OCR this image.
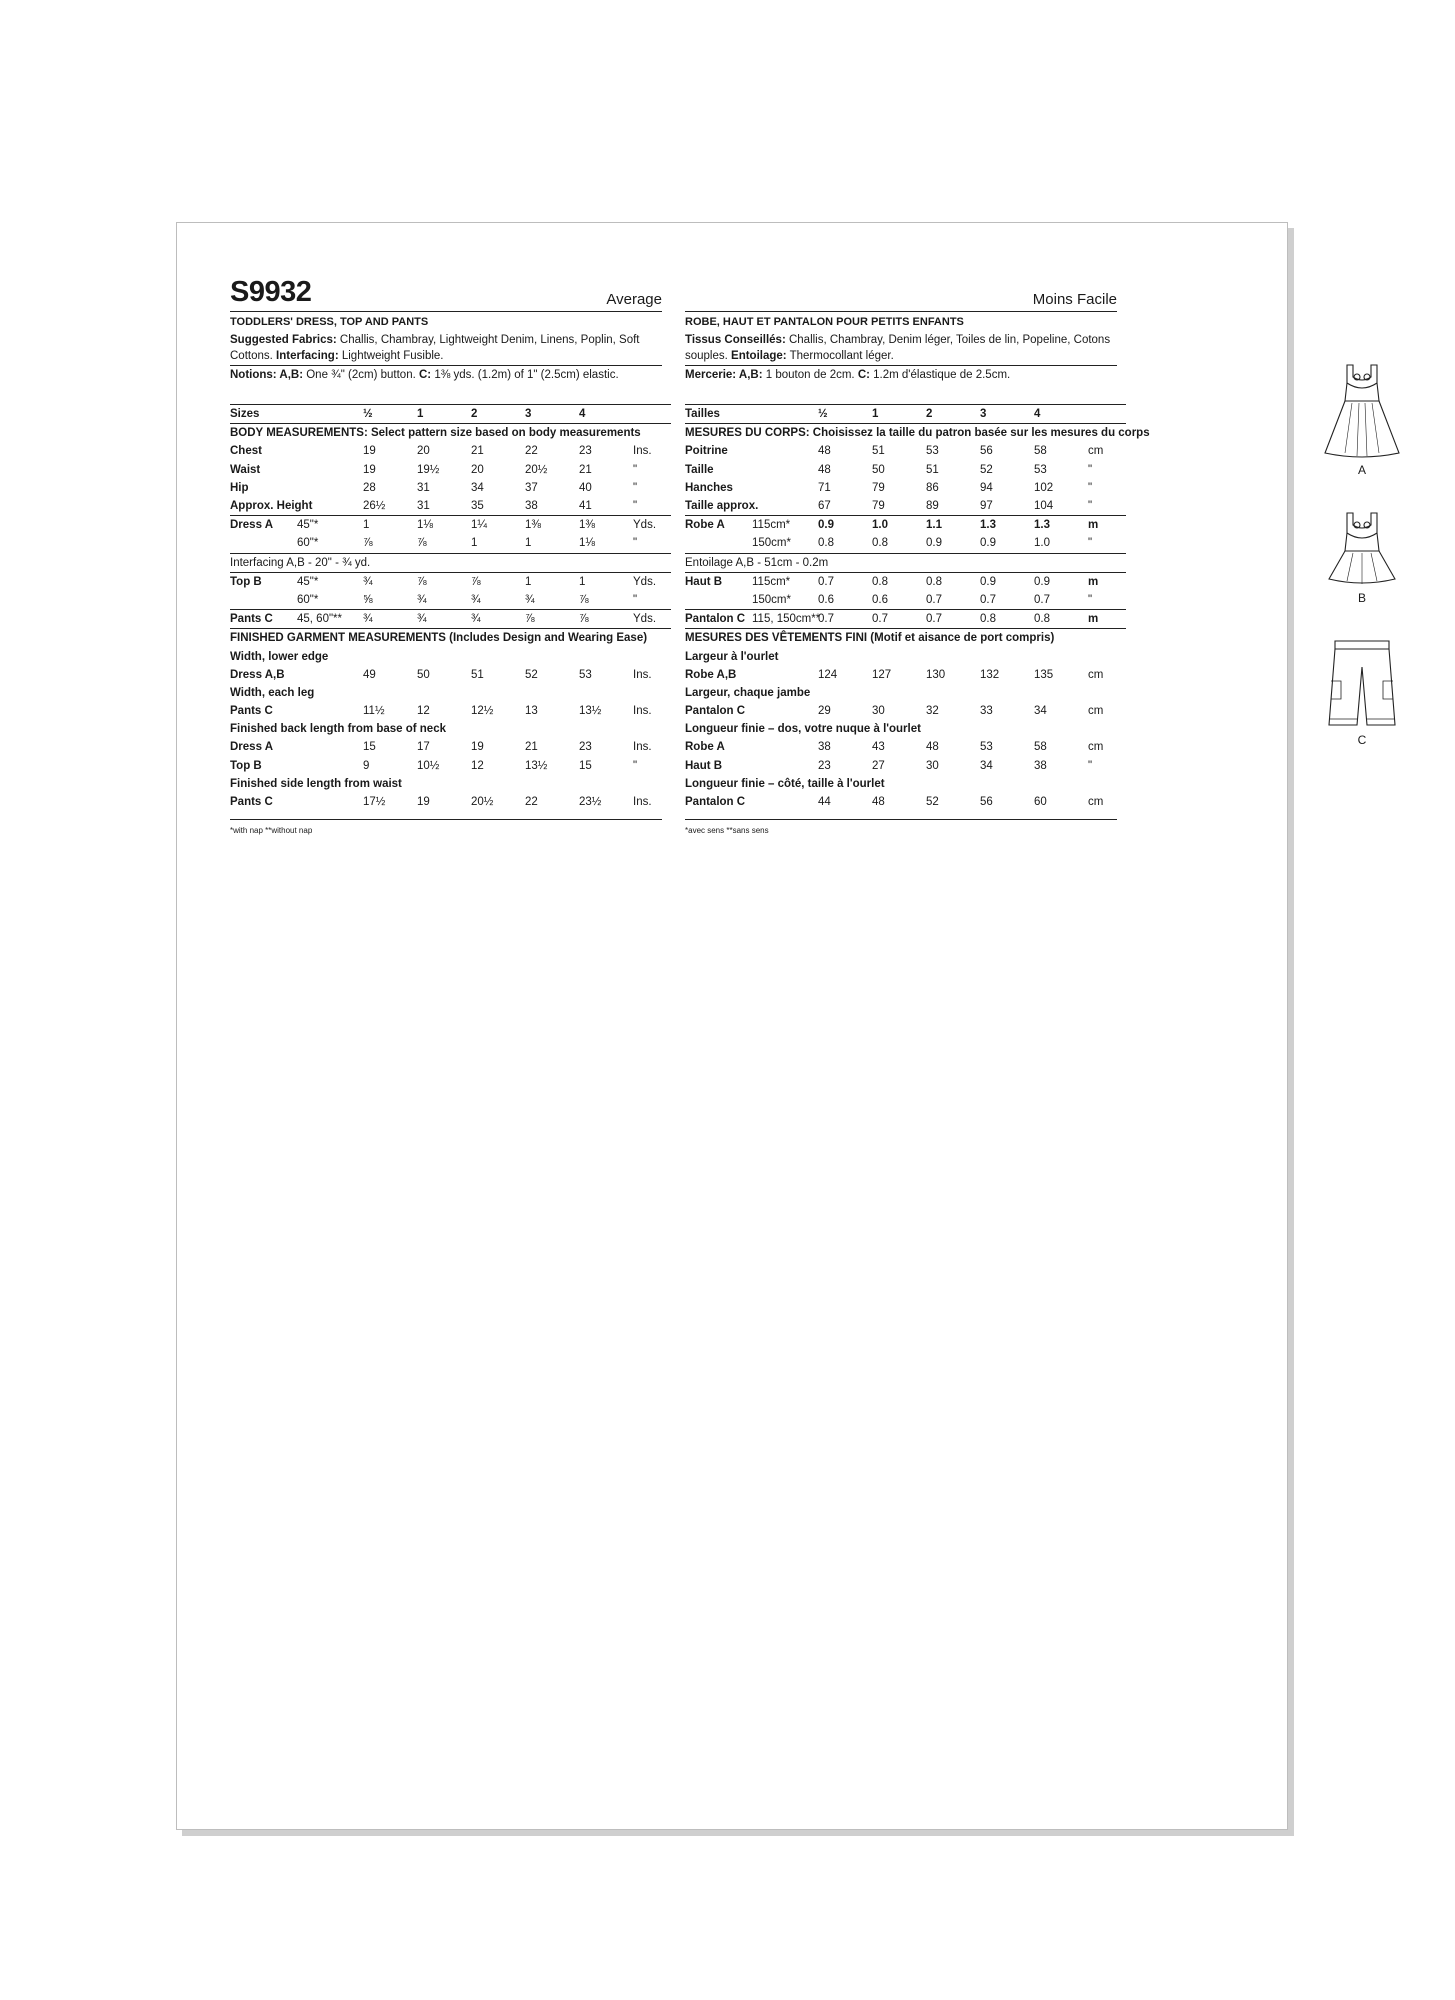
S9932	Average
TODDLERS' DRESS, TOP AND PANTS
Suggested Fabrics: Challis, Chambray, Lightweight Denim, Linens, Poplin, Soft Cottons. Interfacing: Lightweight Fusible.
Notions: A,B: One ¾" (2cm) button. C: 1⅜ yds. (1.2m) of 1" (2.5cm) elastic.

Sizes		½	1	2	3	4	
BODY MEASUREMENTS: Select pattern size based on body measurements							
Chest		19	20	21	22	23	Ins.
Waist		19	19½	20	20½	21	"
Hip		28	31	34	37	40	"
Approx. Height		26½	31	35	38	41	"
Dress A	45"*	1	1⅛	1¼	1⅜	1⅜	Yds.
	60"*	⅞	⅞	1	1	1⅛	"
Interfacing A,B - 20" - ¾ yd.							
Top B	45"*	¾	⅞	⅞	1	1	Yds.
	60"*	⅝	¾	¾	¾	⅞	"
Pants C	45, 60"**	¾	¾	¾	⅞	⅞	Yds.
FINISHED GARMENT MEASUREMENTS (Includes Design and Wearing Ease)							
Width, lower edge							
Dress A,B		49	50	51	52	53	Ins.
Width, each leg							
Pants C		11½	12	12½	13	13½	Ins.
Finished back length from base of neck							
Dress A		15	17	19	21	23	Ins.
Top B		9	10½	12	13½	15	"
Finished side length from waist							
Pants C		17½	19	20½	22	23½	Ins.
*with nap **without nap
Moins Facile
ROBE, HAUT ET PANTALON POUR PETITS ENFANTS
Tissus Conseillés: Challis, Chambray, Denim léger, Toiles de lin, Popeline, Cotons souples. Entoilage: Thermocollant léger.
Mercerie: A,B: 1 bouton de 2cm. C: 1.2m d'élastique de 2.5cm.

Tailles		½	1	2	3	4	
MESURES DU CORPS: Choisissez la taille du patron basée sur les mesures du corps							
Poitrine		48	51	53	56	58	cm
Taille		48	50	51	52	53	"
Hanches		71	79	86	94	102	"
Taille approx.		67	79	89	97	104	"
Robe A	115cm*	0.9	1.0	1.1	1.3	1.3	m
	150cm*	0.8	0.8	0.9	0.9	1.0	"
Entoilage A,B - 51cm - 0.2m							
Haut B	115cm*	0.7	0.8	0.8	0.9	0.9	m
	150cm*	0.6	0.6	0.7	0.7	0.7	"
Pantalon C	115, 150cm**	0.7	0.7	0.7	0.8	0.8	m
MESURES DES VÊTEMENTS FINI (Motif et aisance de port compris)							
Largeur à l'ourlet							
Robe A,B		124	127	130	132	135	cm
Largeur, chaque jambe							
Pantalon C		29	30	32	33	34	cm
Longueur finie – dos, votre nuque à l'ourlet							
Robe A		38	43	48	53	58	cm
Haut B		23	27	30	34	38	"
Longueur finie – côté, taille à l'ourlet							
Pantalon C		44	48	52	56	60	cm
*avec sens **sans sens
A
B
C
